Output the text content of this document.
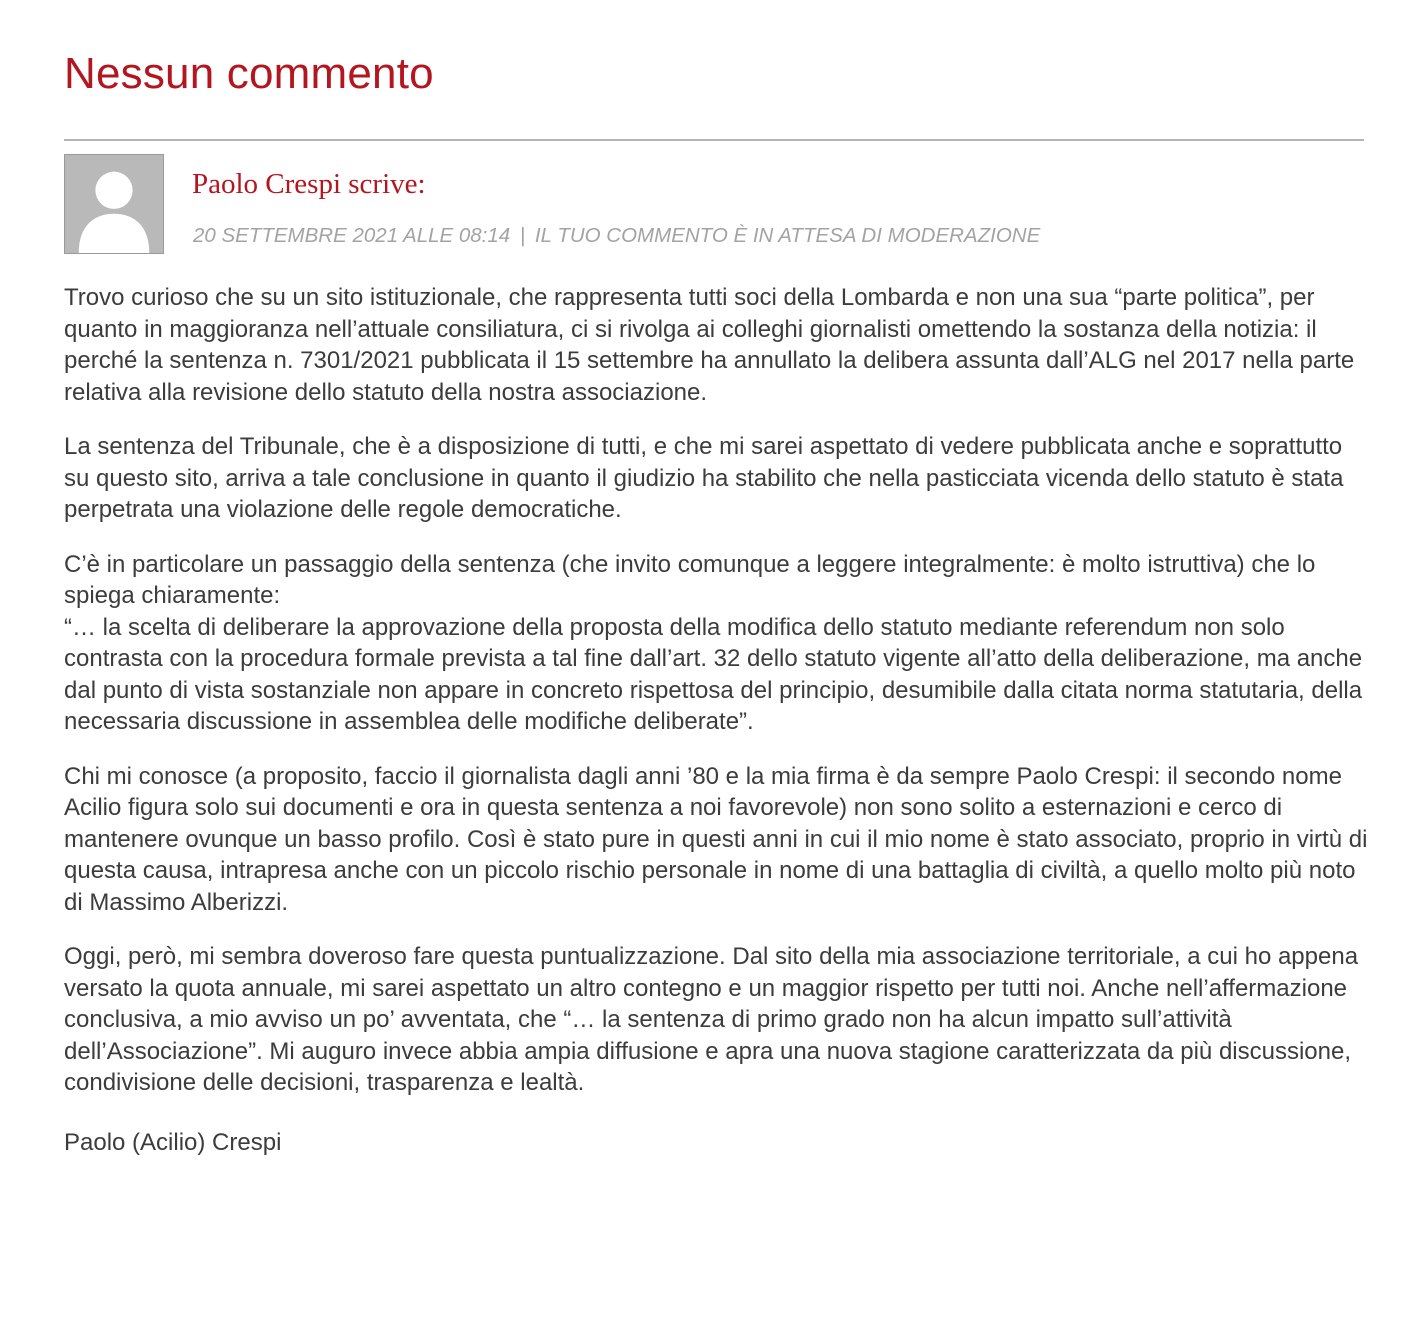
Nessun commento
Paolo Crespi scrive:
20 SETTEMBRE 2021 ALLE 08:14 | IL TUO COMMENTO È IN ATTESA DI MODERAZIONE

Trovo curioso che su un sito istituzionale, che rappresenta tutti soci della Lombarda e non una sua “parte politica”, per quanto in maggioranza nell’attuale consiliatura, ci si rivolga ai colleghi giornalisti omettendo la sostanza della notizia: il perché la sentenza n. 7301/2021 pubblicata il 15 settembre ha annullato la delibera assunta dall’ALG nel 2017 nella parte relativa alla revisione dello statuto della nostra associazione.

La sentenza del Tribunale, che è a disposizione di tutti, e che mi sarei aspettato di vedere pubblicata anche e soprattutto su questo sito, arriva a tale conclusione in quanto il giudizio ha stabilito che nella pasticciata vicenda dello statuto è stata perpetrata una violazione delle regole democratiche.

C’è in particolare un passaggio della sentenza (che invito comunque a leggere integralmente: è molto istruttiva) che lo spiega chiaramente:
“… la scelta di deliberare la approvazione della proposta della modifica dello statuto mediante referendum non solo contrasta con la procedura formale prevista a tal fine dall’art. 32 dello statuto vigente all’atto della deliberazione, ma anche dal punto di vista sostanziale non appare in concreto rispettosa del principio, desumibile dalla citata norma statutaria, della necessaria discussione in assemblea delle modifiche deliberate”.

Chi mi conosce (a proposito, faccio il giornalista dagli anni ’80 e la mia firma è da sempre Paolo Crespi: il secondo nome Acilio figura solo sui documenti e ora in questa sentenza a noi favorevole) non sono solito a esternazioni e cerco di mantenere ovunque un basso profilo. Così è stato pure in questi anni in cui il mio nome è stato associato, proprio in virtù di questa causa, intrapresa anche con un piccolo rischio personale in nome di una battaglia di civiltà, a quello molto più noto di Massimo Alberizzi.

Oggi, però, mi sembra doveroso fare questa puntualizzazione. Dal sito della mia associazione territoriale, a cui ho appena versato la quota annuale, mi sarei aspettato un altro contegno e un maggior rispetto per tutti noi. Anche nell’affermazione conclusiva, a mio avviso un po’ avventata, che “… la sentenza di primo grado non ha alcun impatto sull’attività dell’Associazione”. Mi auguro invece abbia ampia diffusione e apra una nuova stagione caratterizzata da più discussione, condivisione delle decisioni, trasparenza e lealtà.

Paolo (Acilio) Crespi
